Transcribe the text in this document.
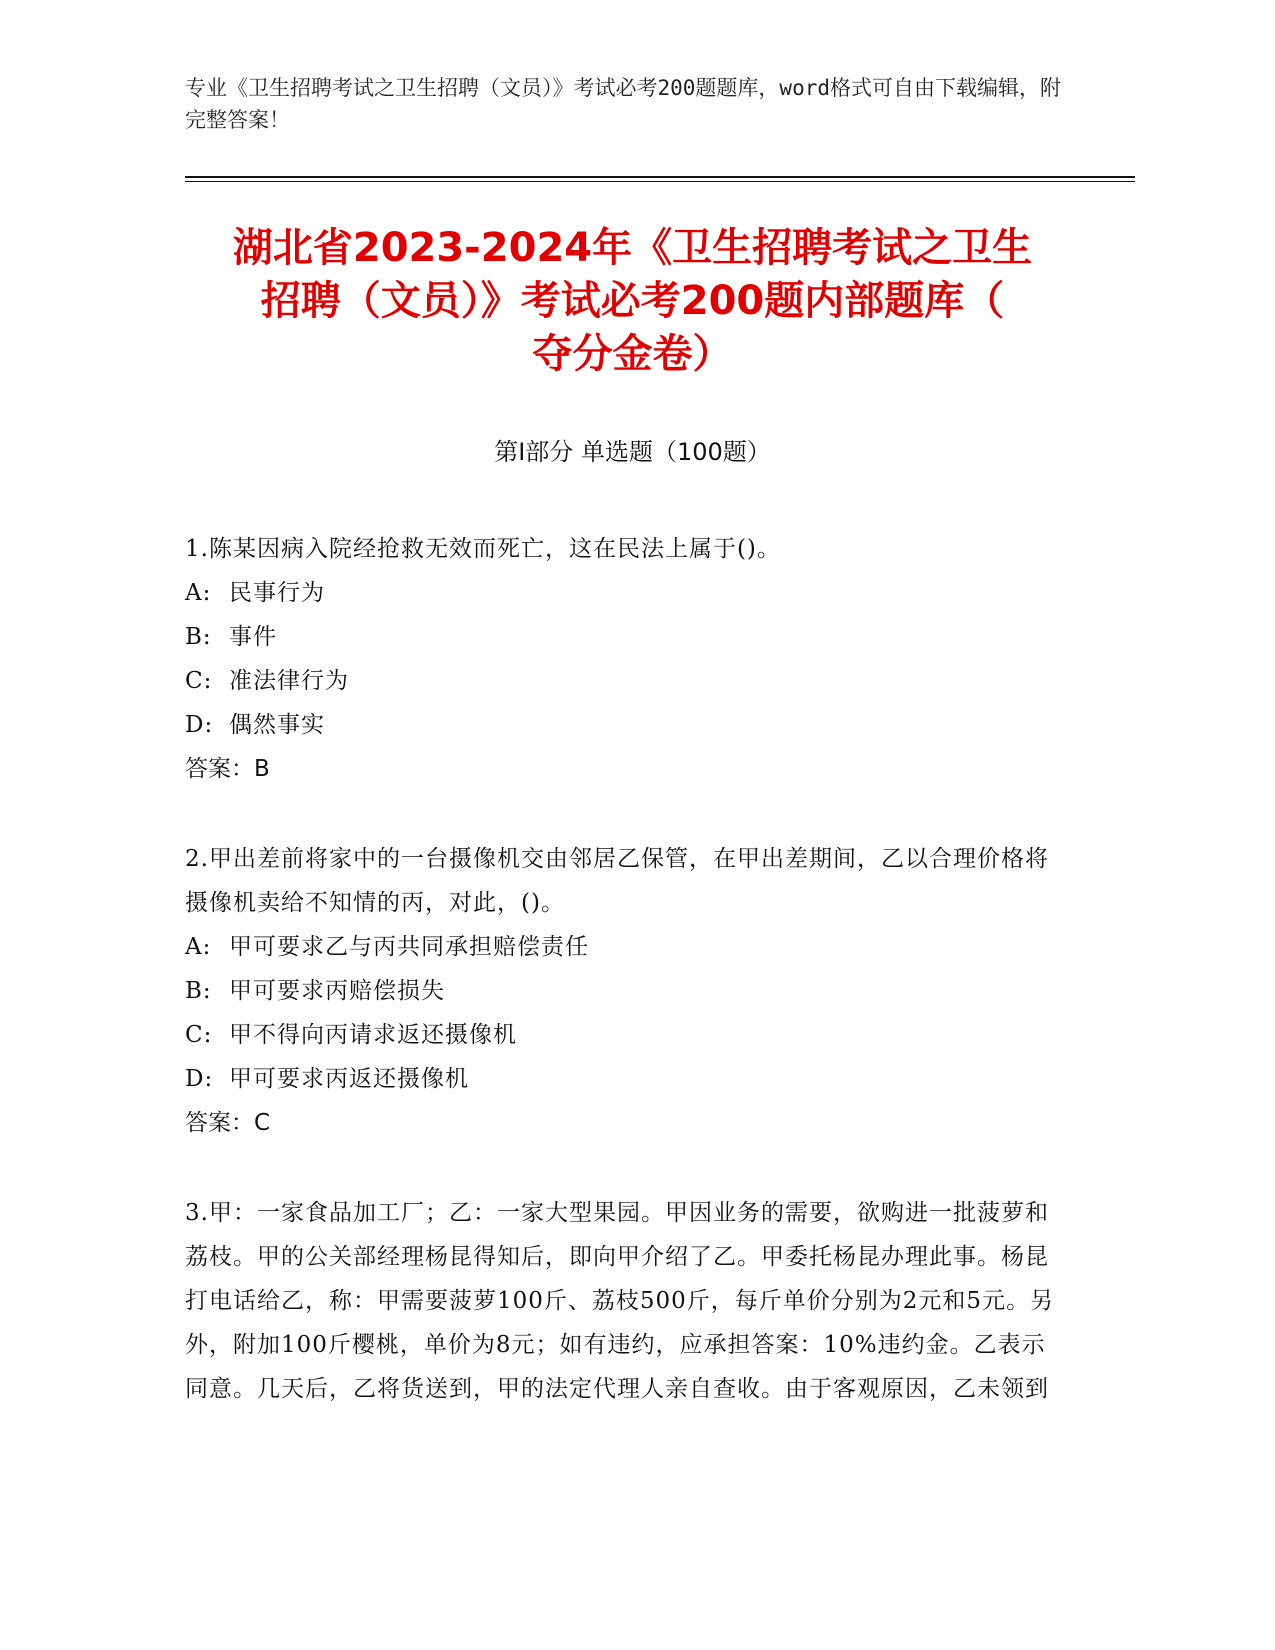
专业《卫生招聘考试之卫生招聘（文员）》考试必考200题题库，word格式可自由下载编辑，附完整答案！
湖北省2023-2024年《卫生招聘考试之卫生
招聘（文员）》考试必考200题内部题库（
夺分金卷）
第Ⅰ部分 单选题（100题）
1.陈某因病入院经抢救无效而死亡，这在民法上属于()。
A: 民事行为
B: 事件
C: 准法律行为
D: 偶然事实
答案：B
2.甲出差前将家中的一台摄像机交由邻居乙保管，在甲出差期间，乙以合理价格将摄像机卖给不知情的丙，对此，()。
A: 甲可要求乙与丙共同承担赔偿责任
B: 甲可要求丙赔偿损失
C: 甲不得向丙请求返还摄像机
D: 甲可要求丙返还摄像机
答案：C
3.甲：一家食品加工厂；乙：一家大型果园。甲因业务的需要，欲购进一批菠萝和荔枝。甲的公关部经理杨昆得知后，即向甲介绍了乙。甲委托杨昆办理此事。杨昆打电话给乙，称：甲需要菠萝100斤、荔枝500斤，每斤单价分别为2元和5元。另外，附加100斤樱桃，单价为8元；如有违约，应承担答案：10%违约金。乙表示同意。几天后，乙将货送到，甲的法定代理人亲自查收。由于客观原因，乙未领到
